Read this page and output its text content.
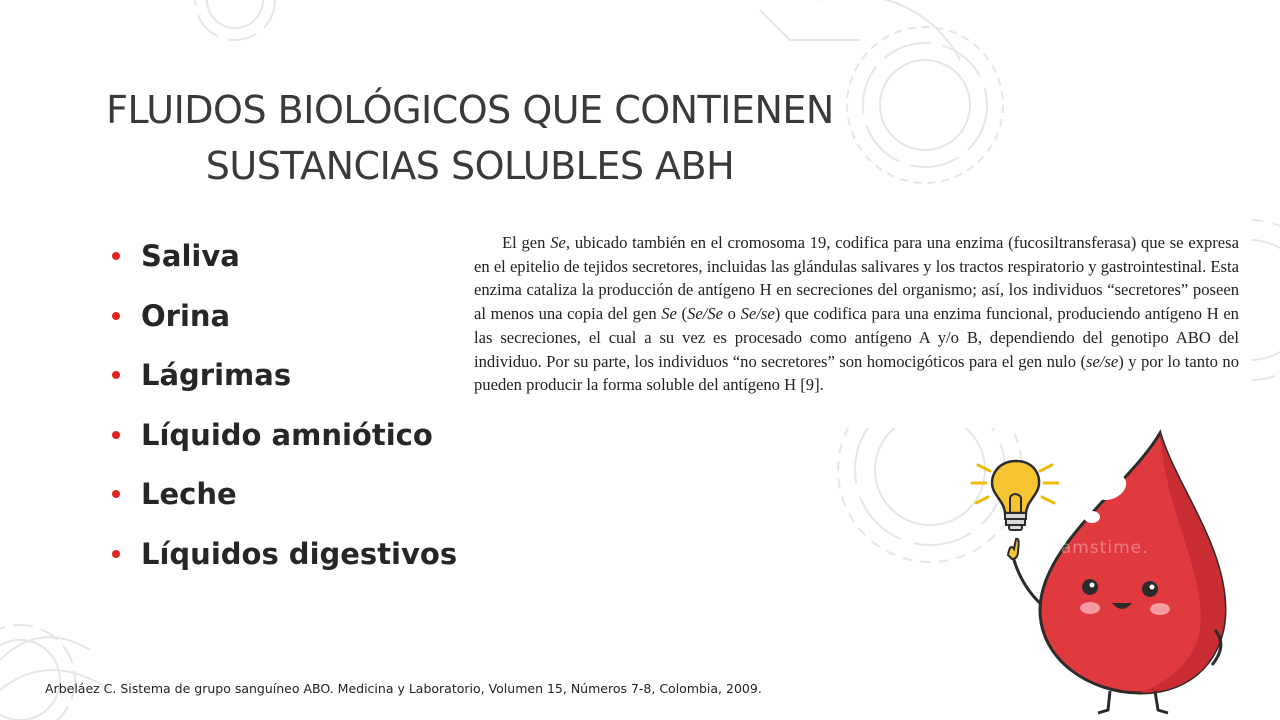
FLUIDOS BIOLÓGICOS QUE CONTIENEN
SUSTANCIAS SOLUBLES ABH
Saliva
Orina
Lágrimas
Líquido amniótico
Leche
Líquidos digestivos

El gen Se, ubicado también en el cromosoma 19, codifica para una enzima (fucosiltransferasa) que se expresa en el epitelio de tejidos secretores, incluidas las glándulas salivares y los tractos respiratorio y gastrointestinal. Esta enzima cataliza la producción de antígeno H en secreciones del organismo; así, los individuos “secretores” poseen al menos una copia del gen Se (Se/Se o Se/se) que codifica para una enzima funcional, produciendo antígeno H en las secreciones, el cual a su vez es procesado como antígeno A y/o B, dependiendo del genotipo ABO del individuo. Por su parte, los individuos “no secretores” son homocigóticos para el gen nulo (se/se) y por lo tanto no pueden producir la forma soluble del antígeno H [9].

dreamstime.
Arbeláez C. Sistema de grupo sanguíneo ABO. Medicina y Laboratorio, Volumen 15, Números 7-8, Colombia, 2009.
